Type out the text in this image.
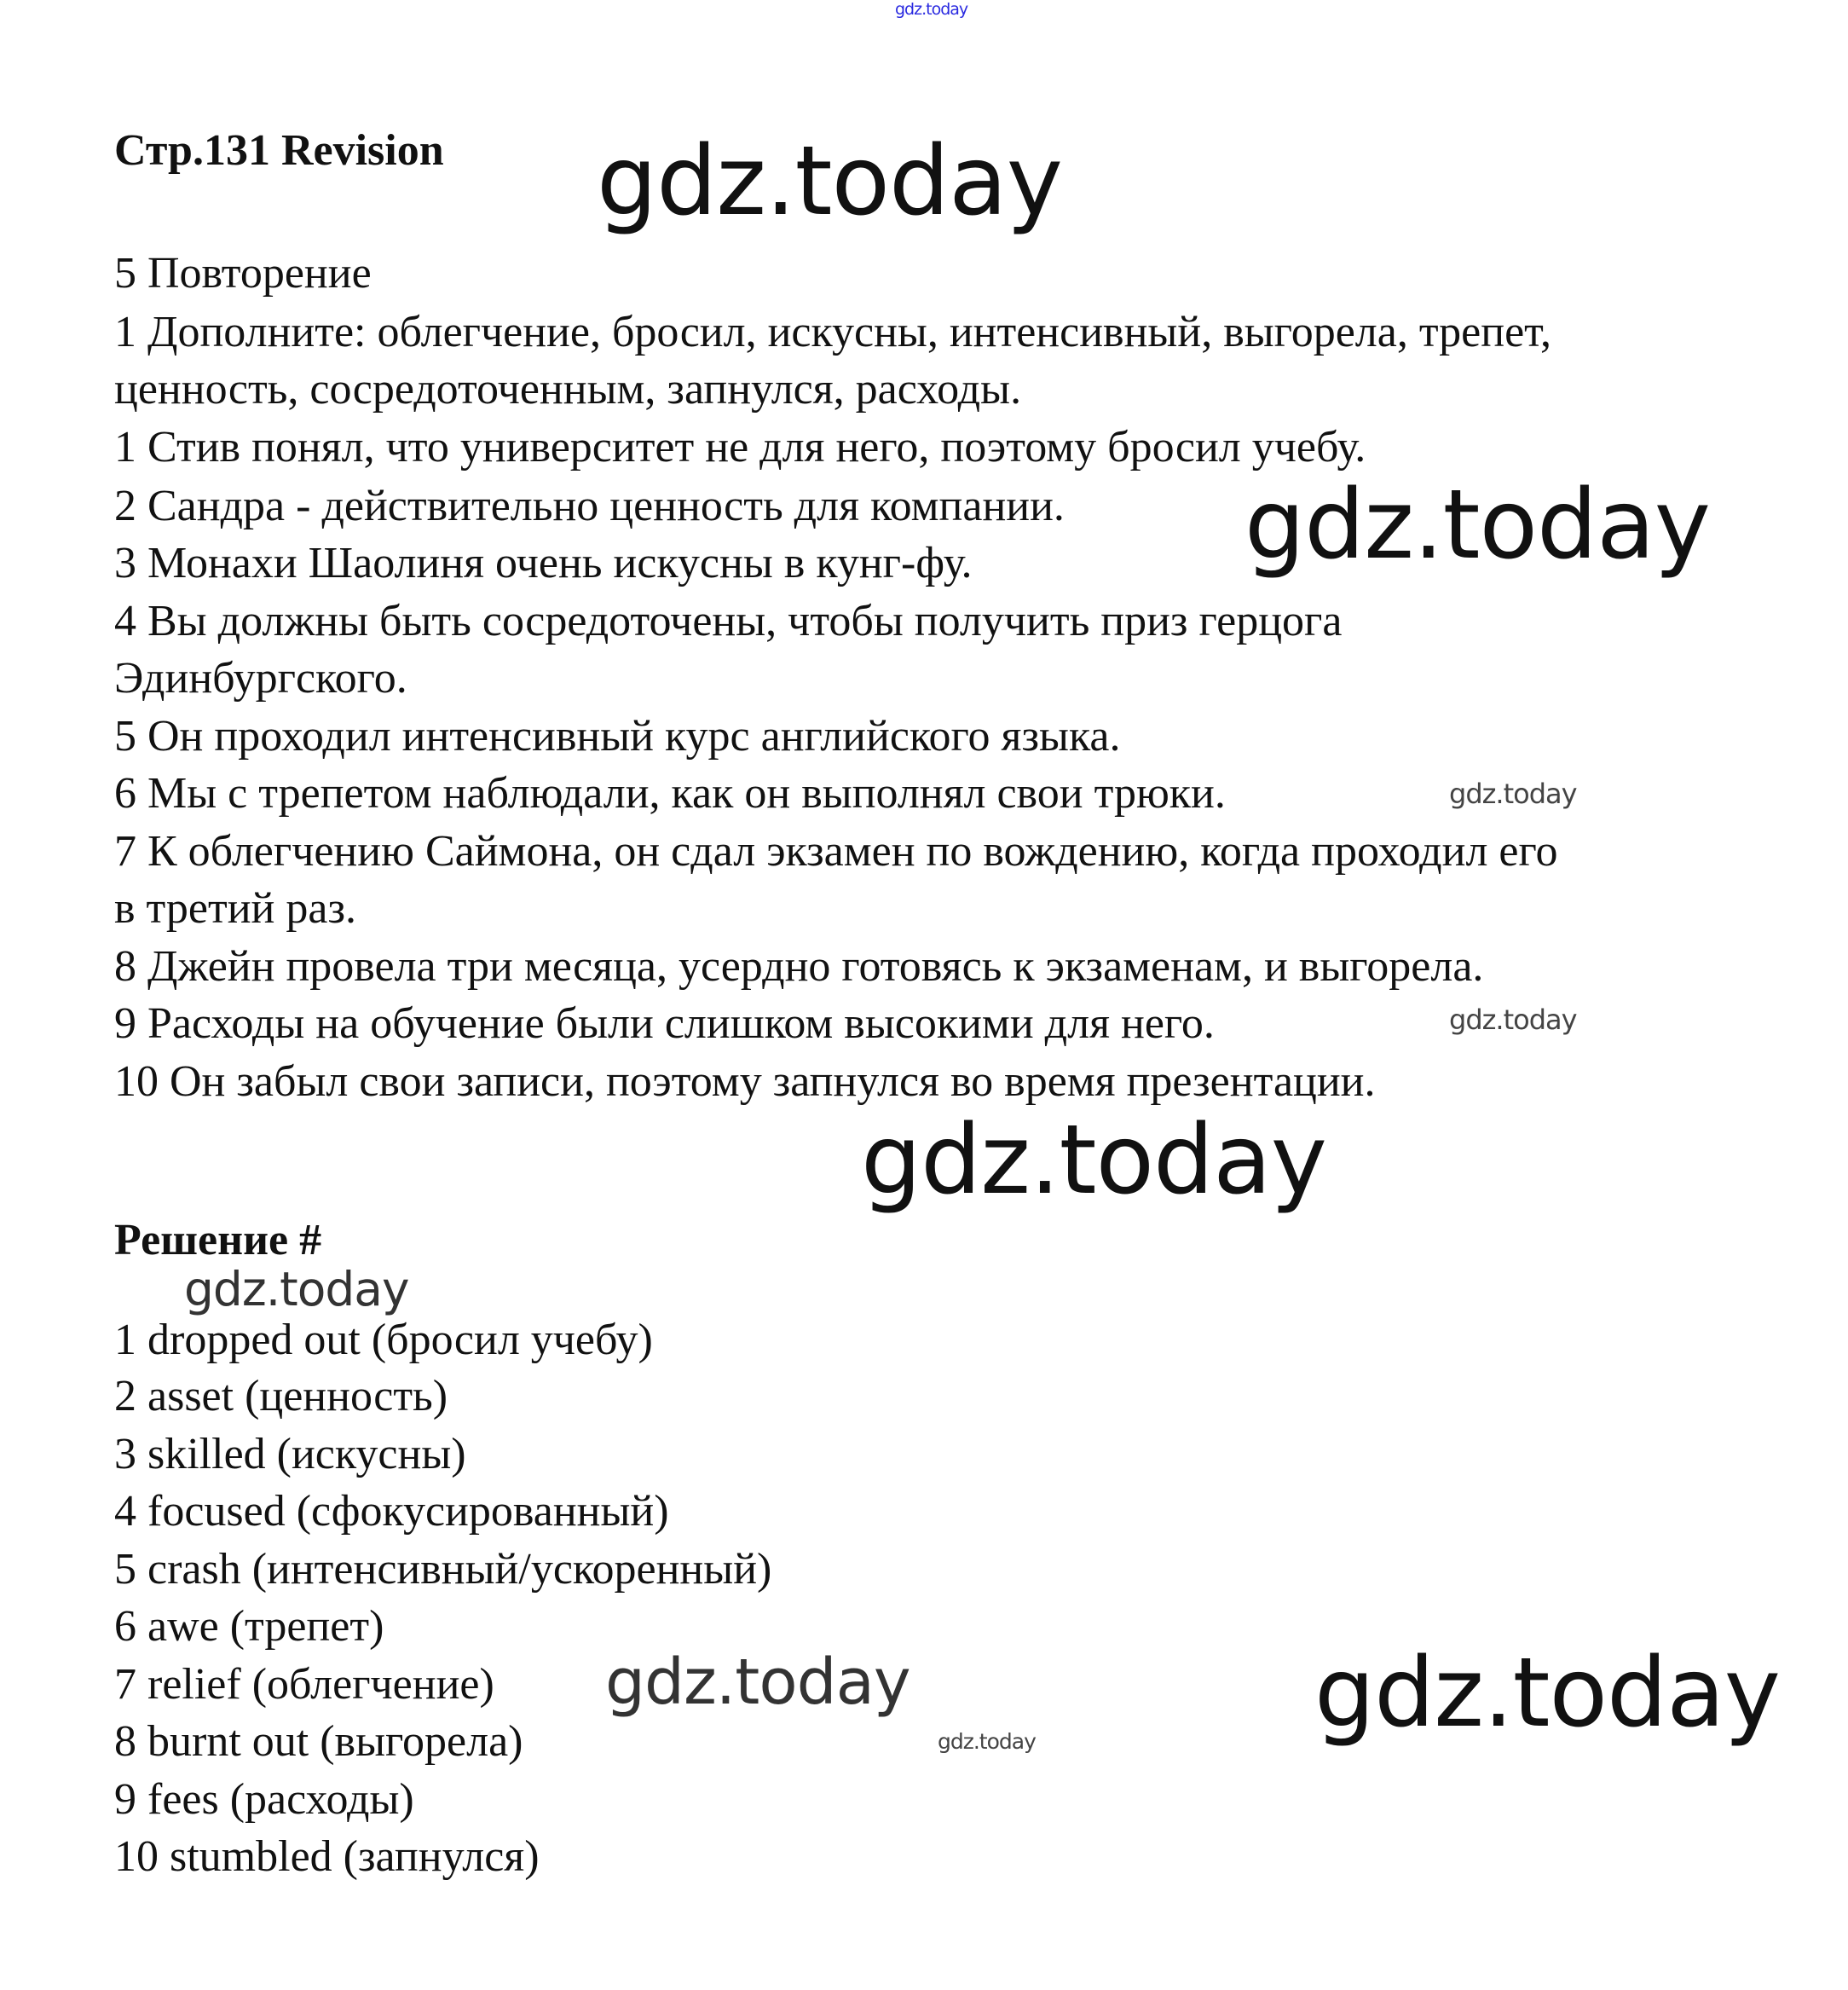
gdz.today
Стр.131 Revision
5 Повторение
1 Дополните: облегчение, бросил, искусны, интенсивный, выгорела, трепет,
ценность, сосредоточенным, запнулся, расходы.
1 Стив понял, что университет не для него, поэтому бросил учебу.
2 Сандра - действительно ценность для компании.
3 Монахи Шаолиня очень искусны в кунг-фу.
4 Вы должны быть сосредоточены, чтобы получить приз герцога
Эдинбургского.
5 Он проходил интенсивный курс английского языка.
6 Мы с трепетом наблюдали, как он выполнял свои трюки.
7 К облегчению Саймона, он сдал экзамен по вождению, когда проходил его
в третий раз.
8 Джейн провела три месяца, усердно готовясь к экзаменам, и выгорела.
9 Расходы на обучение были слишком высокими для него.
10 Он забыл свои записи, поэтому запнулся во время презентации.
Решение #
1 dropped out (бросил учебу)
2 asset (ценность)
3 skilled (искусны)
4 focused (сфокусированный)
5 crash (интенсивный/ускоренный)
6 awe (трепет)
7 relief (облегчение)
8 burnt out (выгорела)
9 fees (расходы)
10 stumbled (запнулся)
gdz.today
gdz.today
gdz.today
gdz.today
gdz.today
gdz.today
gdz.today
gdz.today
gdz.today
